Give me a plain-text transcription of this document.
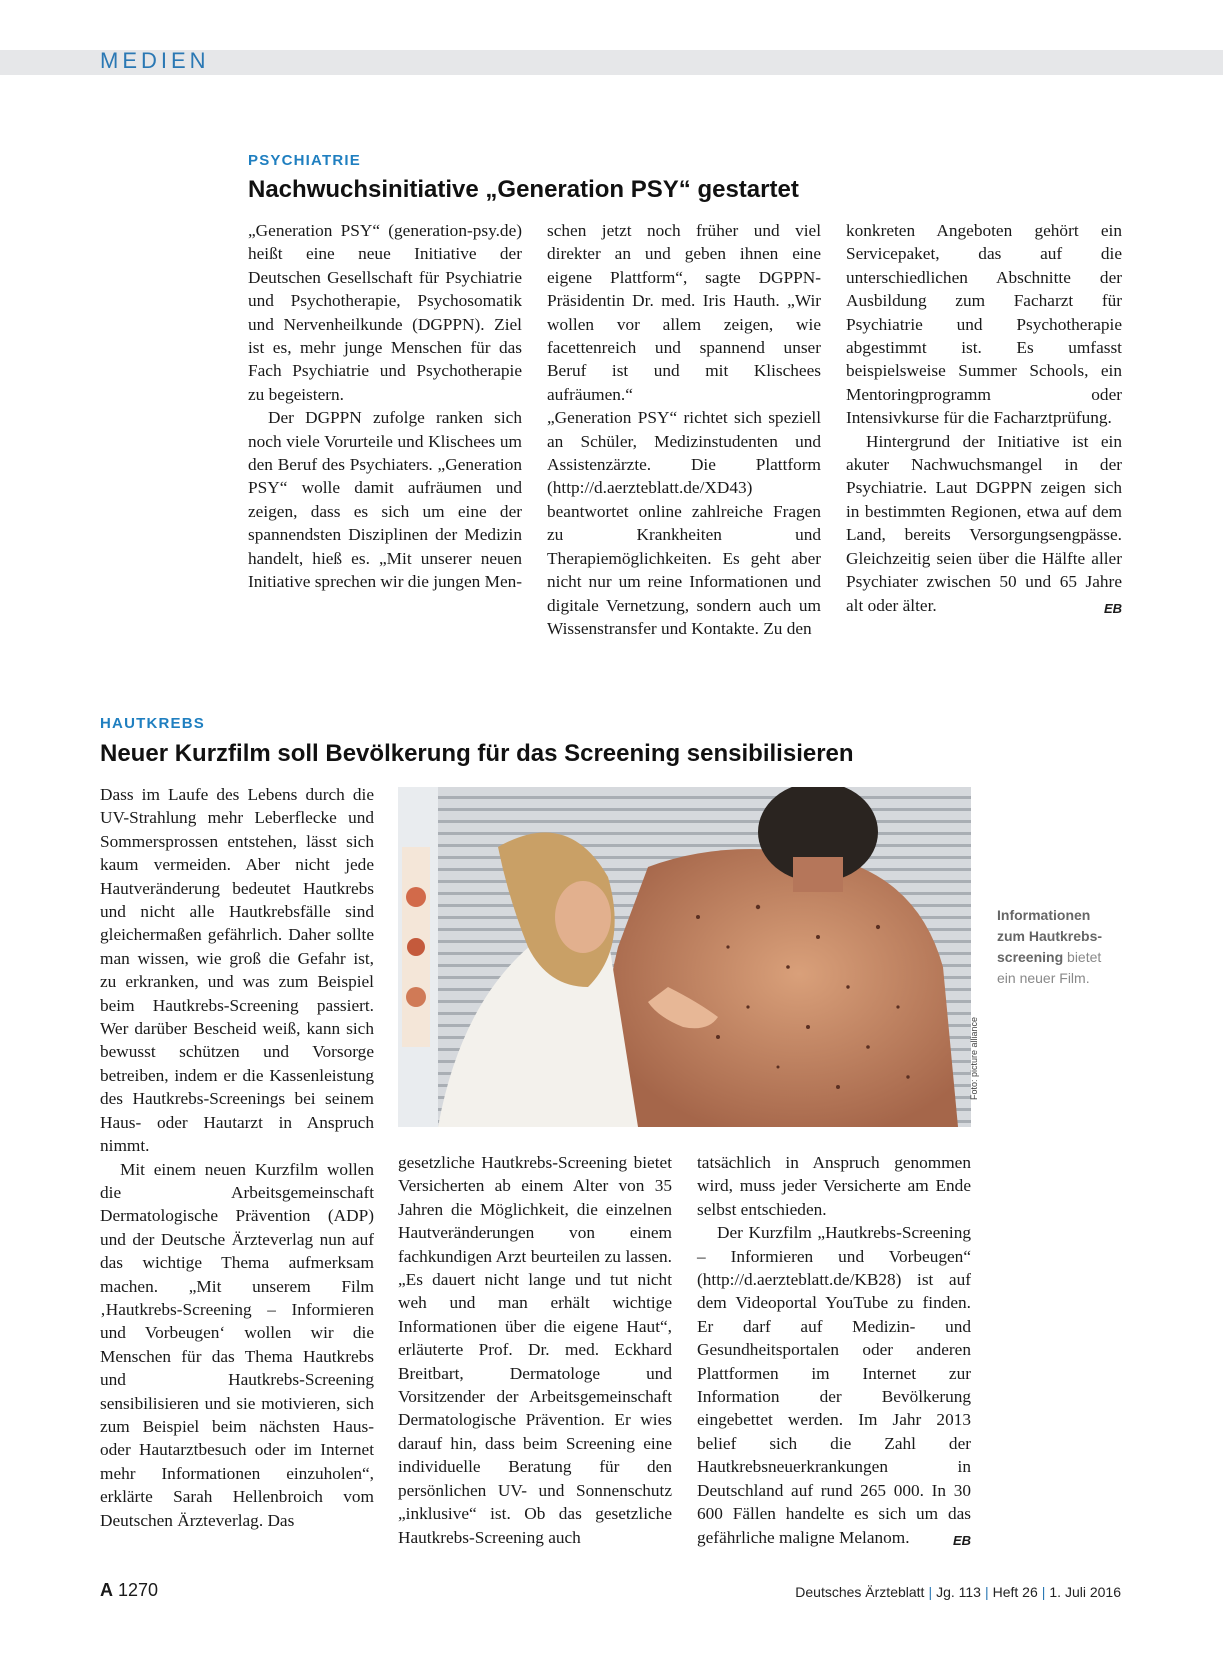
MEDIEN
PSYCHIATRIE
Nachwuchsinitiative „Generation PSY“ gestartet

„Generation PSY“ (generation-psy.de) heißt eine neue Initiative der Deutschen Gesellschaft für Psychiatrie und Psychotherapie, Psychosomatik und Nervenheilkunde (DGPPN). Ziel ist es, mehr junge Menschen für das Fach Psychiatrie und Psychotherapie zu begeistern.

Der DGPPN zufolge ranken sich noch viele Vorurteile und Klischees um den Beruf des Psychiaters. „Generation PSY“ wolle damit aufräumen und zeigen, dass es sich um eine der spannendsten Disziplinen der Medizin handelt, hieß es. „Mit unserer neuen Initiative sprechen wir die jungen Men-

schen jetzt noch früher und viel direkter an und geben ihnen eine eigene Plattform“, sagte DGPPN-Präsidentin Dr. med. Iris Hauth. „Wir wollen vor allem zeigen, wie facettenreich und spannend unser Beruf ist und mit Klischees aufräumen.“

„Generation PSY“ richtet sich speziell an Schüler, Medizinstudenten und Assistenzärzte. Die Plattform (http://d.aerzteblatt.de/XD43) beantwortet online zahlreiche Fragen zu Krankheiten und Therapiemöglichkeiten. Es geht aber nicht nur um reine Informationen und digitale Vernetzung, sondern auch um Wissenstransfer und Kontakte. Zu den

konkreten Angeboten gehört ein Servicepaket, das auf die unterschiedlichen Abschnitte der Ausbildung zum Facharzt für Psychiatrie und Psychotherapie abgestimmt ist. Es umfasst beispielsweise Summer Schools, ein Mentoringprogramm oder Intensivkurse für die Facharztprüfung.

Hintergrund der Initiative ist ein akuter Nachwuchsmangel in der Psychiatrie. Laut DGPPN zeigen sich in bestimmten Regionen, etwa auf dem Land, bereits Versorgungsengpässe. Gleichzeitig seien über die Hälfte aller Psychiater zwischen 50 und 65 Jahre alt oder älter.	EB

HAUTKREBS
Neuer Kurzfilm soll Bevölkerung für das Screening sensibilisieren

Dass im Laufe des Lebens durch die UV-Strahlung mehr Leberflecke und Sommersprossen entstehen, lässt sich kaum vermeiden. Aber nicht jede Hautveränderung bedeutet Hautkrebs und nicht alle Hautkrebsfälle sind gleichermaßen gefährlich. Daher sollte man wissen, wie groß die Gefahr ist, zu erkranken, und was zum Beispiel beim Hautkrebs-Screening passiert. Wer darüber Bescheid weiß, kann sich bewusst schützen und Vorsorge betreiben, indem er die Kassenleistung des Hautkrebs-Screenings bei seinem Haus- oder Hautarzt in Anspruch nimmt.

Mit einem neuen Kurzfilm wollen die Arbeitsgemeinschaft Dermatologische Prävention (ADP) und der Deutsche Ärzteverlag nun auf das wichtige Thema aufmerksam machen. „Mit unserem Film ‚Hautkrebs-Screening – Informieren und Vorbeugen‘ wollen wir die Menschen für das Thema Hautkrebs und Hautkrebs-Screening sensibilisieren und sie motivieren, sich zum Beispiel beim nächsten Haus- oder Hautarztbesuch oder im Internet mehr Informationen einzuholen“, erklärte Sarah Hellenbroich vom Deutschen Ärzteverlag. Das

Foto: picture alliance
Informationen zum Hautkrebsscreening bietet ein neuer Film.

gesetzliche Hautkrebs-Screening bietet Versicherten ab einem Alter von 35 Jahren die Möglichkeit, die einzelnen Hautveränderungen von einem fachkundigen Arzt beurteilen zu lassen. „Es dauert nicht lange und tut nicht weh und man erhält wichtige Informationen über die eigene Haut“, erläuterte Prof. Dr. med. Eckhard Breitbart, Dermatologe und Vorsitzender der Arbeitsgemeinschaft Dermatologische Prävention. Er wies darauf hin, dass beim Screening eine individuelle Beratung für den persönlichen UV- und Sonnenschutz „inklusive“ ist. Ob das gesetzliche Hautkrebs-Screening auch

tatsächlich in Anspruch genommen wird, muss jeder Versicherte am Ende selbst entschieden.

Der Kurzfilm „Hautkrebs-Screening – Informieren und Vorbeugen“ (http://d.aerzteblatt.de/KB28) ist auf dem Videoportal YouTube zu finden. Er darf auf Medizin- und Gesundheitsportalen oder anderen Plattformen im Internet zur Information der Bevölkerung eingebettet werden. Im Jahr 2013 belief sich die Zahl der Hautkrebsneuerkrankungen in Deutschland auf rund 265 000. In 30 600 Fällen handelte es sich um das gefährliche maligne Melanom.	EB

A 1270	Deutsches Ärzteblatt | Jg. 113 | Heft 26 | 1. Juli 2016
